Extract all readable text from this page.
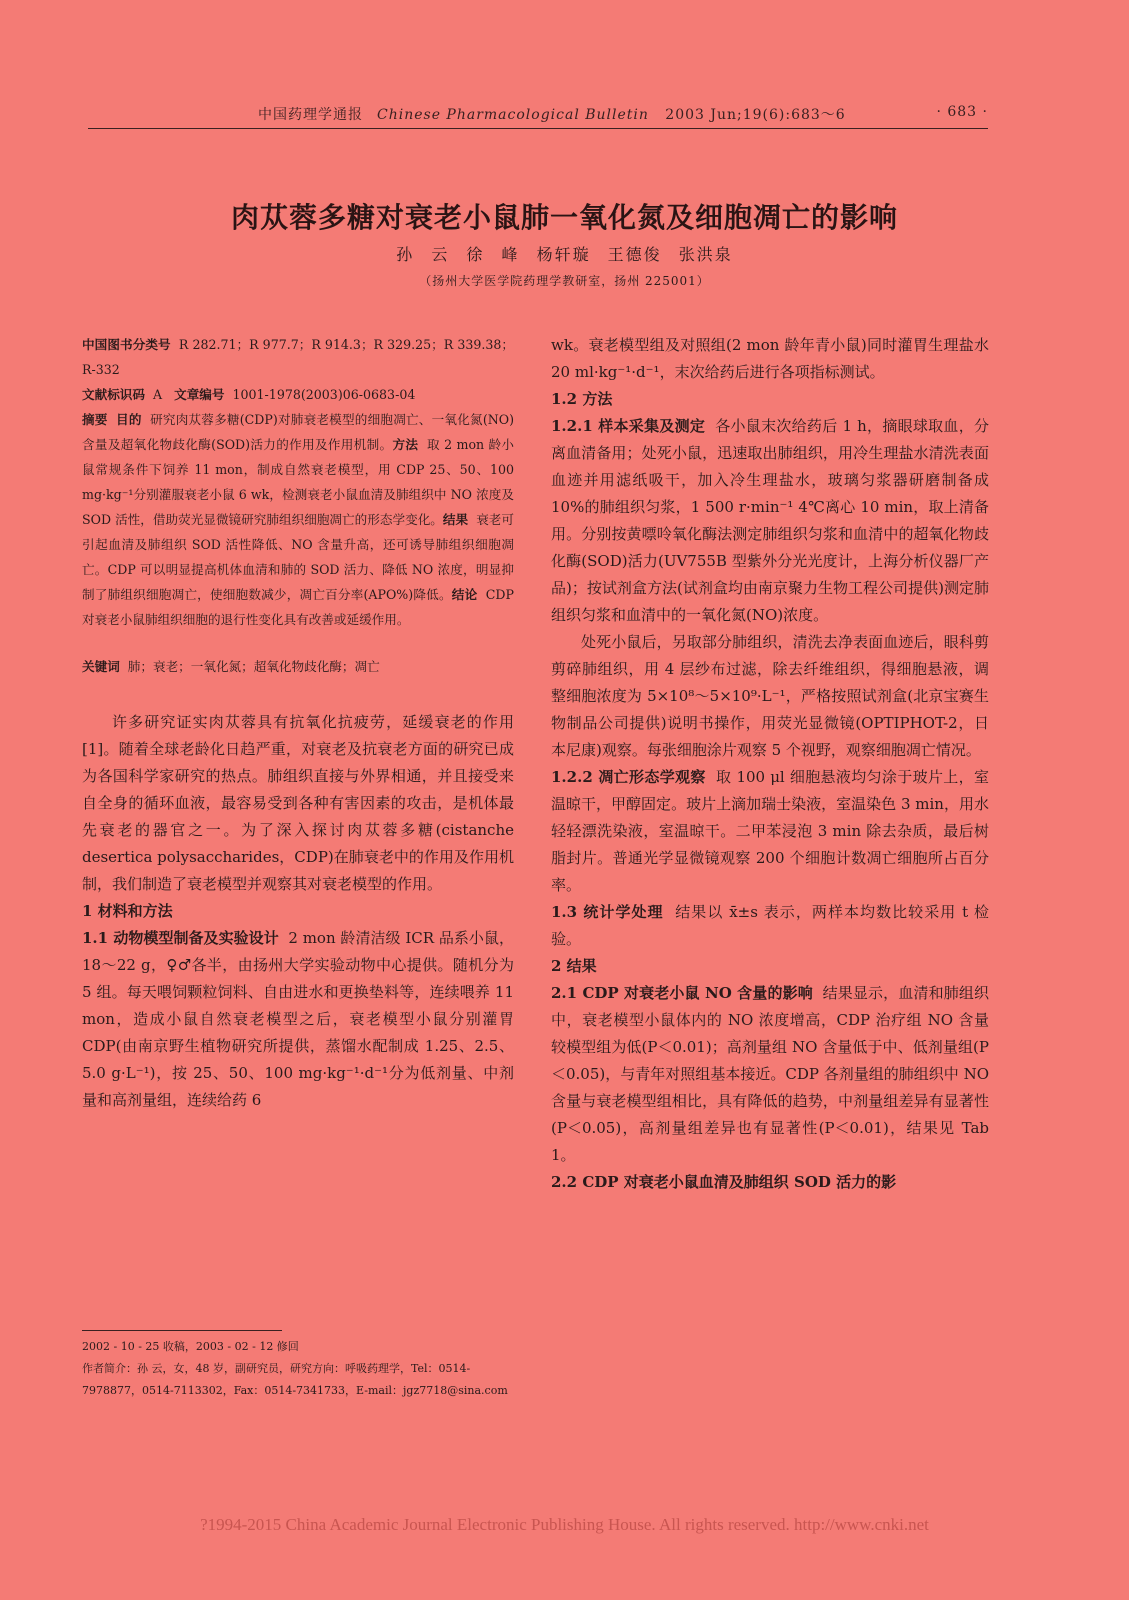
中国药理学通报 Chinese Pharmacological Bulletin 2003 Jun;19(6):683～6	· 683 ·
肉苁蓉多糖对衰老小鼠肺一氧化氮及细胞凋亡的影响
孙 云 徐 峰 杨轩璇 王德俊 张洪泉
（扬州大学医学院药理学教研室，扬州 225001）

中国图书分类号 R 282.71；R 977.7；R 914.3；R 329.25；R 339.38；R-332

文献标识码 A 文章编号 1001-1978(2003)06-0683-04

摘要 目的 研究肉苁蓉多糖(CDP)对肺衰老模型的细胞凋亡、一氧化氮(NO)含量及超氧化物歧化酶(SOD)活力的作用及作用机制。方法 取 2 mon 龄小鼠常规条件下饲养 11 mon，制成自然衰老模型，用 CDP 25、50、100 mg·kg⁻¹分别灌服衰老小鼠 6 wk，检测衰老小鼠血清及肺组织中 NO 浓度及 SOD 活性，借助荧光显微镜研究肺组织细胞凋亡的形态学变化。结果 衰老可引起血清及肺组织 SOD 活性降低、NO 含量升高，还可诱导肺组织细胞凋亡。CDP 可以明显提高机体血清和肺的 SOD 活力、降低 NO 浓度，明显抑制了肺组织细胞凋亡，使细胞数减少，凋亡百分率(APO%)降低。结论 CDP 对衰老小鼠肺组织细胞的退行性变化具有改善或延缓作用。

关键词 肺；衰老；一氧化氮；超氧化物歧化酶；凋亡

许多研究证实肉苁蓉具有抗氧化抗疲劳，延缓衰老的作用[1]。随着全球老龄化日趋严重，对衰老及抗衰老方面的研究已成为各国科学家研究的热点。肺组织直接与外界相通，并且接受来自全身的循环血液，最容易受到各种有害因素的攻击，是机体最先衰老的器官之一。为了深入探讨肉苁蓉多糖(cistanche desertica polysaccharides，CDP)在肺衰老中的作用及作用机制，我们制造了衰老模型并观察其对衰老模型的作用。

1 材料和方法

1.1 动物模型制备及实验设计 2 mon 龄清洁级 ICR 品系小鼠，18～22 g，♀♂各半，由扬州大学实验动物中心提供。随机分为 5 组。每天喂饲颗粒饲料、自由进水和更换垫料等，连续喂养 11 mon，造成小鼠自然衰老模型之后，衰老模型小鼠分别灌胃 CDP(由南京野生植物研究所提供，蒸馏水配制成 1.25、2.5、5.0 g·L⁻¹)，按 25、50、100 mg·kg⁻¹·d⁻¹分为低剂量、中剂量和高剂量组，连续给药 6

2002 - 10 - 25 收稿，2003 - 02 - 12 修回
作者简介：孙 云，女，48 岁，副研究员，研究方向：呼吸药理学，Tel：0514-7978877，0514-7113302，Fax：0514-7341733，E-mail：jgz7718@sina.com

wk。衰老模型组及对照组(2 mon 龄年青小鼠)同时灌胃生理盐水 20 ml·kg⁻¹·d⁻¹，末次给药后进行各项指标测试。

1.2 方法

1.2.1 样本采集及测定 各小鼠末次给药后 1 h，摘眼球取血，分离血清备用；处死小鼠，迅速取出肺组织，用冷生理盐水清洗表面血迹并用滤纸吸干，加入冷生理盐水，玻璃匀浆器研磨制备成 10%的肺组织匀浆，1 500 r·min⁻¹ 4℃离心 10 min，取上清备用。分别按黄嘌呤氧化酶法测定肺组织匀浆和血清中的超氧化物歧化酶(SOD)活力(UV755B 型紫外分光光度计，上海分析仪器厂产品)；按试剂盒方法(试剂盒均由南京聚力生物工程公司提供)测定肺组织匀浆和血清中的一氧化氮(NO)浓度。

处死小鼠后，另取部分肺组织，清洗去净表面血迹后，眼科剪剪碎肺组织，用 4 层纱布过滤，除去纤维组织，得细胞悬液，调整细胞浓度为 5×10⁸～5×10⁹·L⁻¹，严格按照试剂盒(北京宝赛生物制品公司提供)说明书操作，用荧光显微镜(OPTIPHOT-2，日本尼康)观察。每张细胞涂片观察 5 个视野，观察细胞凋亡情况。

1.2.2 凋亡形态学观察 取 100 μl 细胞悬液均匀涂于玻片上，室温晾干，甲醇固定。玻片上滴加瑞士染液，室温染色 3 min，用水轻轻漂洗染液，室温晾干。二甲苯浸泡 3 min 除去杂质，最后树脂封片。普通光学显微镜观察 200 个细胞计数凋亡细胞所占百分率。

1.3 统计学处理 结果以 x̄±s 表示，两样本均数比较采用 t 检验。

2 结果

2.1 CDP 对衰老小鼠 NO 含量的影响 结果显示，血清和肺组织中，衰老模型小鼠体内的 NO 浓度增高，CDP 治疗组 NO 含量较模型组为低(P＜0.01)；高剂量组 NO 含量低于中、低剂量组(P＜0.05)，与青年对照组基本接近。CDP 各剂量组的肺组织中 NO 含量与衰老模型组相比，具有降低的趋势，中剂量组差异有显著性(P＜0.05)，高剂量组差异也有显著性(P＜0.01)，结果见 Tab 1。

2.2 CDP 对衰老小鼠血清及肺组织 SOD 活力的影

?1994-2015 China Academic Journal Electronic Publishing House. All rights reserved. http://www.cnki.net
